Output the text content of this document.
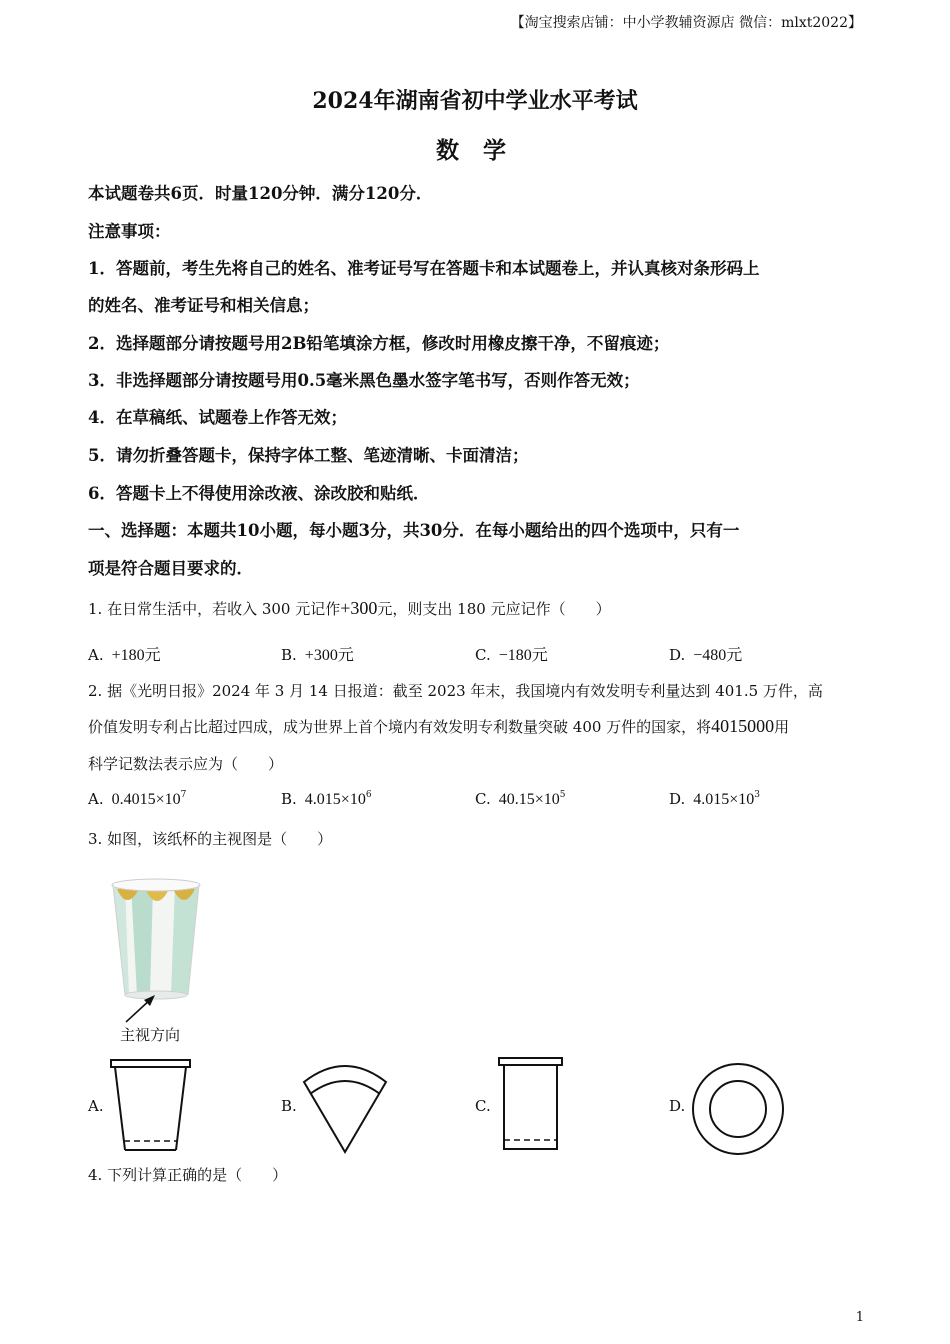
【淘宝搜索店铺：中小学教辅资源店 微信：mlxt2022】
2024年湖南省初中学业水平考试
数 学
本试题卷共6页．时量120分钟．满分120分．
注意事项：
1．答题前，考生先将自己的姓名、准考证号写在答题卡和本试题卷上，并认真核对条形码上
的姓名、准考证号和相关信息；
2．选择题部分请按题号用2B铅笔填涂方框，修改时用橡皮擦干净，不留痕迹；
3．非选择题部分请按题号用0.5毫米黑色墨水签字笔书写，否则作答无效；
4．在草稿纸、试题卷上作答无效；
5．请勿折叠答题卡，保持字体工整、笔迹清晰、卡面清洁；
6．答题卡上不得使用涂改液、涂改胶和贴纸．
一、选择题：本题共10小题，每小题3分，共30分．在每小题给出的四个选项中，只有一
项是符合题目要求的．
1. 在日常生活中，若收入 300 元记作+300元，则支出 180 元应记作（　　）
A. +180元	B. +300元	C. −180元	D. −480元
2. 据《光明日报》2024 年 3 月 14 日报道：截至 2023 年末，我国境内有效发明专利量达到 401.5 万件，高
价值发明专利占比超过四成，成为世界上首个境内有效发明专利数量突破 400 万件的国家，将4015000用
科学记数法表示应为（　　）
A. $0.4015\times 10^7$	B. $4.015\times 10^6$	C. $40.15\times 10^5$	D. $4.015\times 10^3$
3. 如图，该纸杯的主视图是（　　）
主视方向
A.	B.	C.	D.
4. 下列计算正确的是（　　）
1
